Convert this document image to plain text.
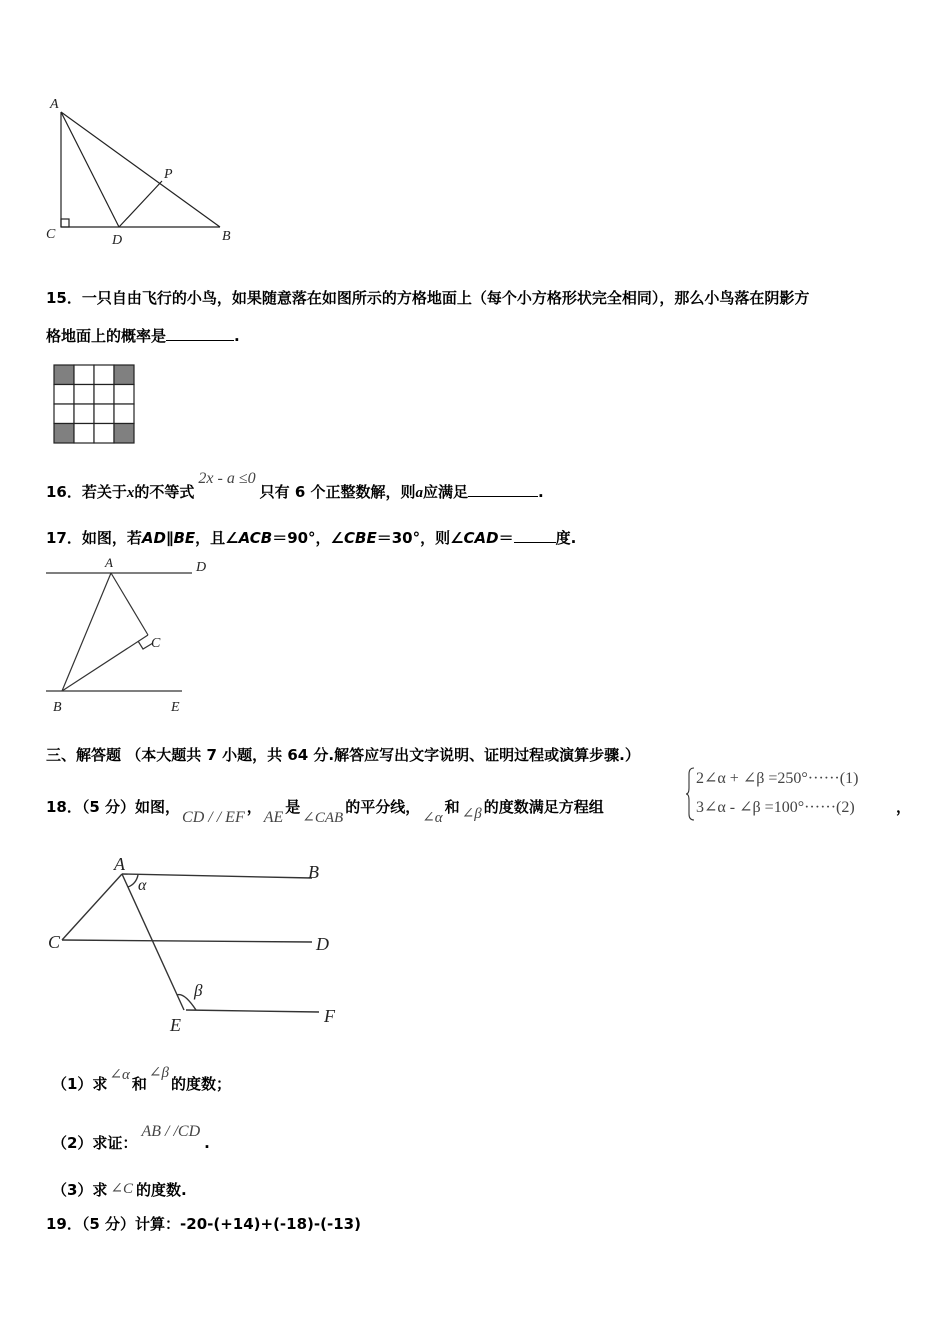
A
P
C	D	B
15．一只自由飞行的小鸟，如果随意落在如图所示的方格地面上（每个小方格形状完全相同），那么小鸟落在阴影方
格地面上的概率是	.
16．若关于x的不等式2x - a ≤0只有 6 个正整数解，则a应满足	.
17．如图，若AD∥BE，且∠ACB＝90°，∠CBE＝30°，则∠CAD＝	度.
A	D
C
B	E
三、解答题 （本大题共 7 小题，共 64 分.解答应写出文字说明、证明过程或演算步骤.）
18．（5 分）如图，CD / / EF，AE是∠CAB的平分线，∠α和 ∠β 的度数满足方程组
2∠α + ∠β =250°······(1)
3∠α - ∠β =100°······(2)	，
A
α
B
C	D
β
E	F
（1）求 ∠α 和∠β的度数；
（2）求证：AB / /CD.
（3）求 ∠C 的度数.
19．（5 分）计算：-20-(+14)+(-18)-(-13)
